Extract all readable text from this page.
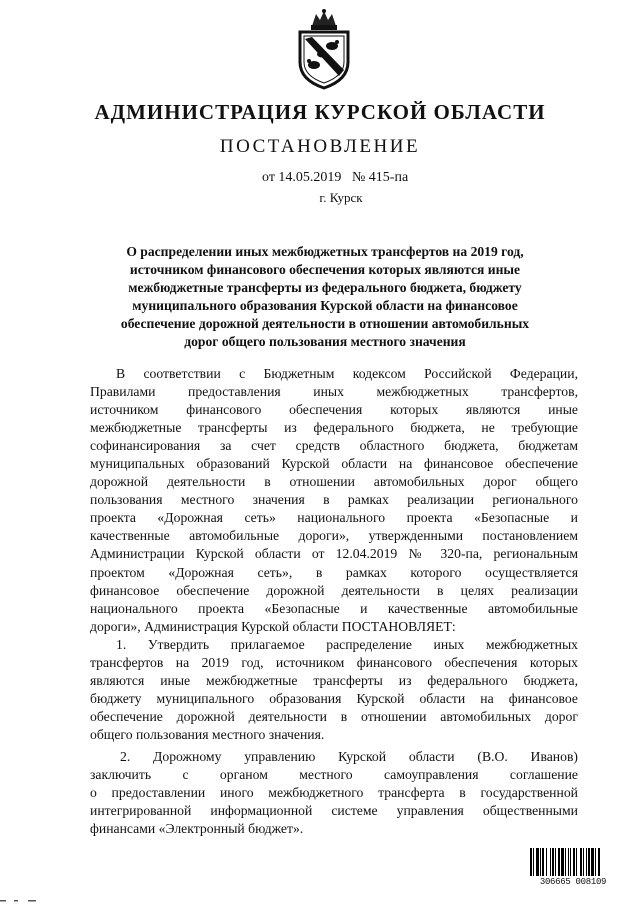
АДМИНИСТРАЦИЯ КУРСКОЙ ОБЛАСТИ
ПОСТАНОВЛЕНИЕ
от 14.05.2019 № 415-па
г. Курск
О распределении иных межбюджетных трансфертов на 2019 год,
источником финансового обеспечения которых являются иные
межбюджетные трансферты из федерального бюджета, бюджету
муниципального образования Курской области на финансовое
обеспечение дорожной деятельности в отношении автомобильных
дорог общего пользования местного значения
В соответствии с Бюджетным кодексом Российской Федерации,
Правилами предоставления иных межбюджетных трансфертов,
источником финансового обеспечения которых являются иные
межбюджетные трансферты из федерального бюджета, не требующие
софинансирования за счет средств областного бюджета, бюджетам
муниципальных образований Курской области на финансовое обеспечение
дорожной деятельности в отношении автомобильных дорог общего
пользования местного значения в рамках реализации регионального
проекта «Дорожная сеть» национального проекта «Безопасные и
качественные автомобильные дороги», утвержденными постановлением
Администрации Курской области от 12.04.2019 № 320-па, региональным
проектом «Дорожная сеть», в рамках которого осуществляется
финансовое обеспечение дорожной деятельности в целях реализации
национального проекта «Безопасные и качественные автомобильные
дороги», Администрация Курской области ПОСТАНОВЛЯЕТ:
1. Утвердить прилагаемое распределение иных межбюджетных
трансфертов на 2019 год, источником финансового обеспечения которых
являются иные межбюджетные трансферты из федерального бюджета,
бюджету муниципального образования Курской области на финансовое
обеспечение дорожной деятельности в отношении автомобильных дорог
общего пользования местного значения.
2. Дорожному управлению Курской области (В.О. Иванов)
заключить с органом местного самоуправления соглашение
о предоставлении иного межбюджетного трансферта в государственной
интегрированной информационной системе управления общественными
финансами «Электронный бюджет».
306665 008109
